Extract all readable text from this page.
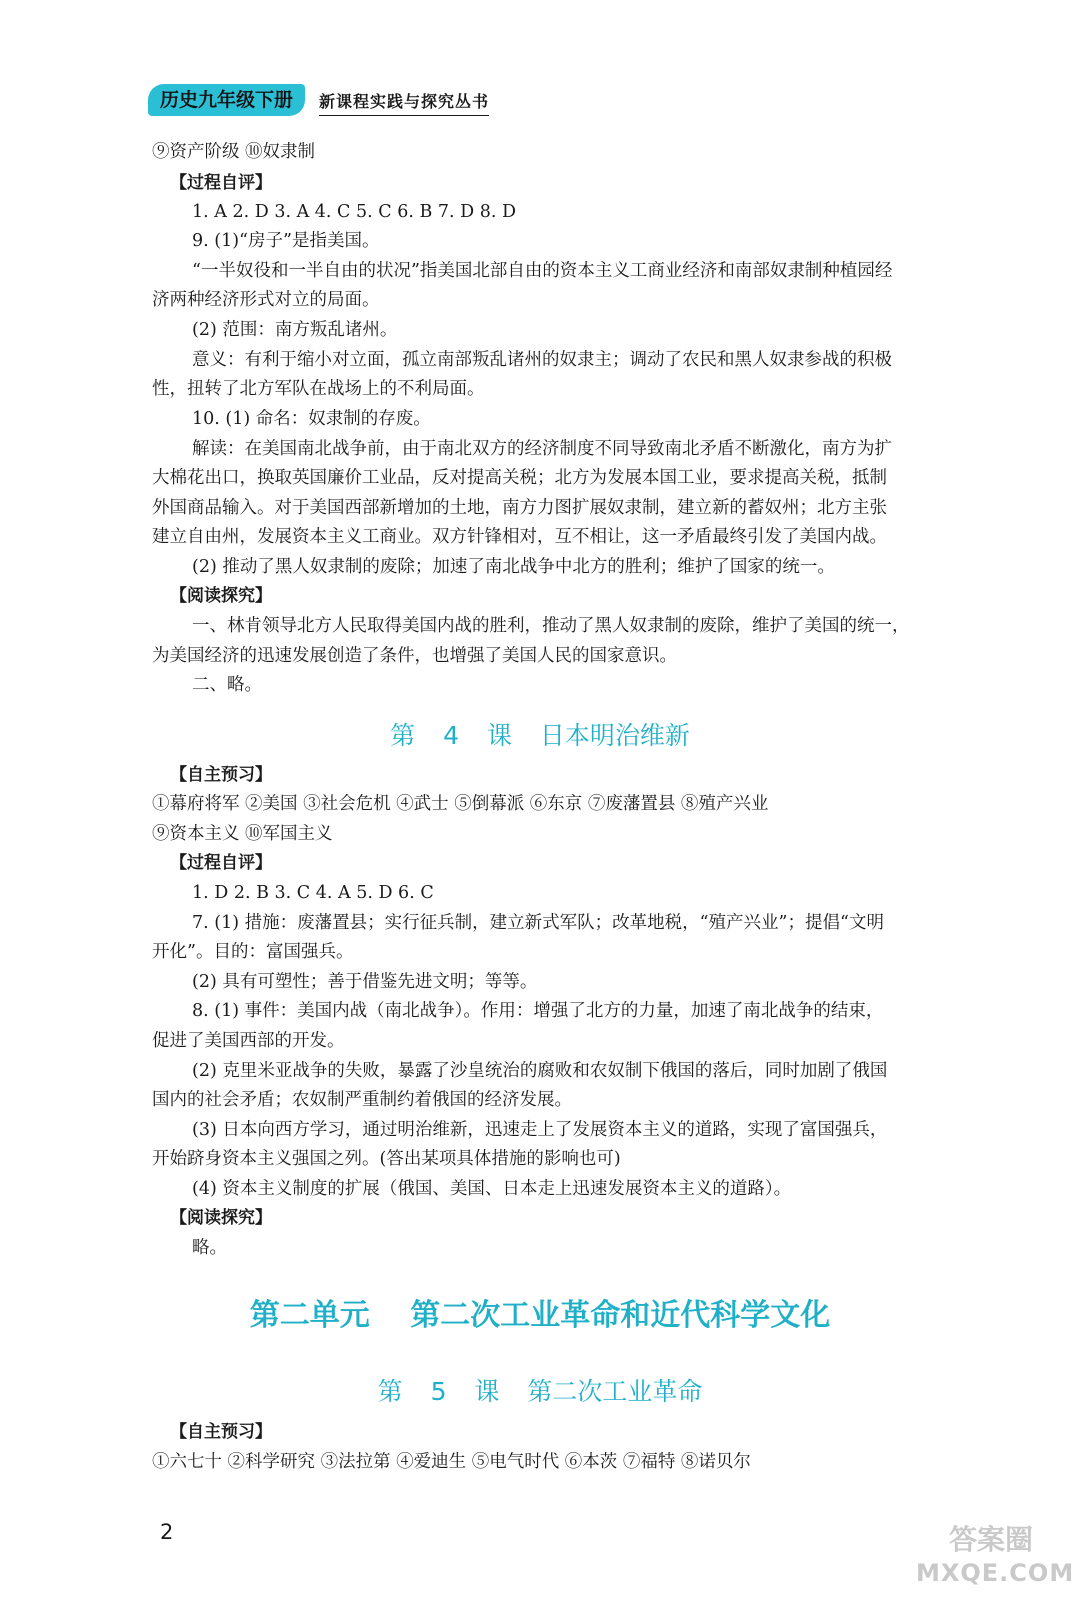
历史九年级下册	新课程实践与探究丛书
⑨资产阶级 ⑩奴隶制
【过程自评】
1. A 2. D 3. A 4. C 5. C 6. B 7. D 8. D
9. (1)“房子”是指美国。
“一半奴役和一半自由的状况”指美国北部自由的资本主义工商业经济和南部奴隶制种植园经
济两种经济形式对立的局面。
(2) 范围：南方叛乱诸州。
意义：有利于缩小对立面，孤立南部叛乱诸州的奴隶主；调动了农民和黑人奴隶参战的积极
性，扭转了北方军队在战场上的不利局面。
10. (1) 命名：奴隶制的存废。
解读：在美国南北战争前，由于南北双方的经济制度不同导致南北矛盾不断激化，南方为扩
大棉花出口，换取英国廉价工业品，反对提高关税；北方为发展本国工业，要求提高关税，抵制
外国商品输入。对于美国西部新增加的土地，南方力图扩展奴隶制，建立新的蓄奴州；北方主张
建立自由州，发展资本主义工商业。双方针锋相对，互不相让，这一矛盾最终引发了美国内战。
(2) 推动了黑人奴隶制的废除；加速了南北战争中北方的胜利；维护了国家的统一。
【阅读探究】
一、林肯领导北方人民取得美国内战的胜利，推动了黑人奴隶制的废除，维护了美国的统一，
为美国经济的迅速发展创造了条件，也增强了美国人民的国家意识。
二、略。
第 4 课 日本明治维新
【自主预习】
①幕府将军 ②美国 ③社会危机 ④武士 ⑤倒幕派 ⑥东京 ⑦废藩置县 ⑧殖产兴业
⑨资本主义 ⑩军国主义
【过程自评】
1. D 2. B 3. C 4. A 5. D 6. C
7. (1) 措施：废藩置县；实行征兵制，建立新式军队；改革地税，“殖产兴业”；提倡“文明
开化”。目的：富国强兵。
(2) 具有可塑性；善于借鉴先进文明；等等。
8. (1) 事件：美国内战（南北战争）。作用：增强了北方的力量，加速了南北战争的结束，
促进了美国西部的开发。
(2) 克里米亚战争的失败，暴露了沙皇统治的腐败和农奴制下俄国的落后，同时加剧了俄国
国内的社会矛盾；农奴制严重制约着俄国的经济发展。
(3) 日本向西方学习，通过明治维新，迅速走上了发展资本主义的道路，实现了富国强兵，
开始跻身资本主义强国之列。(答出某项具体措施的影响也可)
(4) 资本主义制度的扩展（俄国、美国、日本走上迅速发展资本主义的道路）。
【阅读探究】
略。
第二单元 第二次工业革命和近代科学文化
第 5 课 第二次工业革命
【自主预习】
①六七十 ②科学研究 ③法拉第 ④爱迪生 ⑤电气时代 ⑥本茨 ⑦福特 ⑧诺贝尔
2	答案圈
MXQE.COM
